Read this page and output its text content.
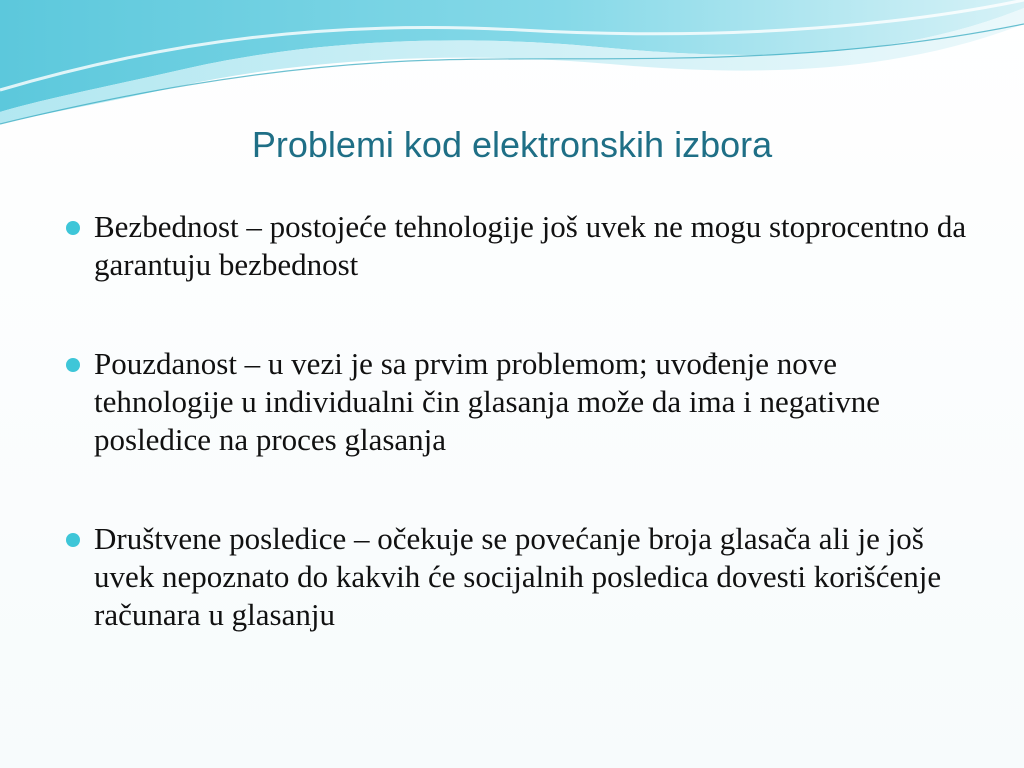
Problemi kod elektronskih izbora
Bezbednost – postojeće tehnologije još uvek ne mogu stoprocentno da garantuju bezbednost
Pouzdanost – u vezi je sa prvim problemom; uvođenje nove tehnologije u individualni čin glasanja može da ima i negativne posledice na proces glasanja
Društvene posledice – očekuje se povećanje broja glasača ali je još uvek nepoznato do kakvih će socijalnih posledica dovesti korišćenje računara u glasanju
